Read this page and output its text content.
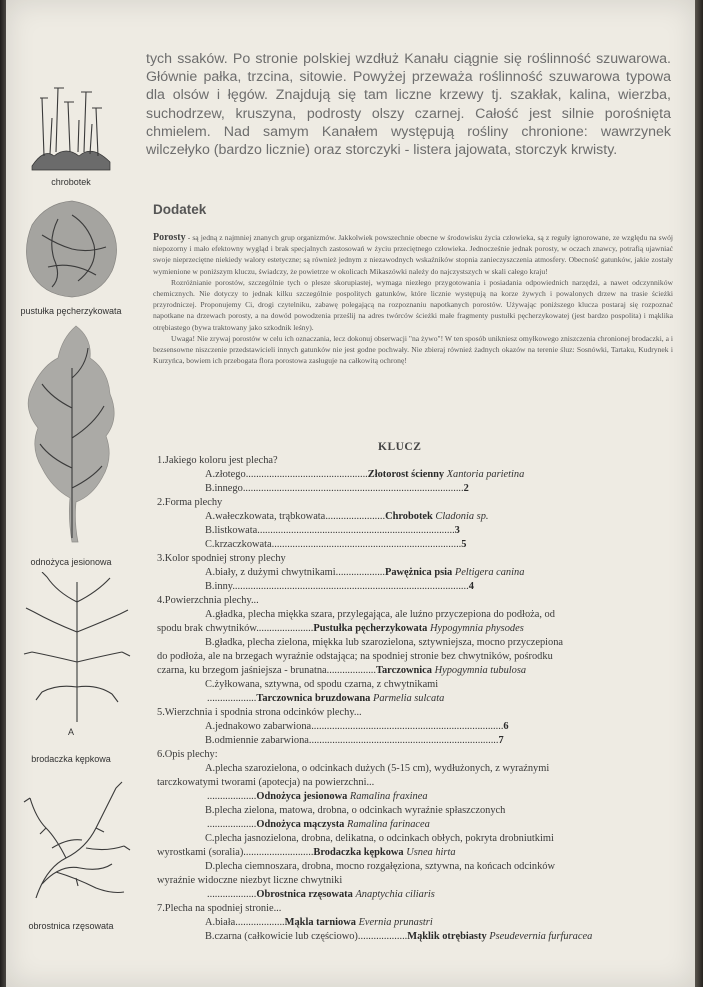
chrobotek
pustułka pęcherzykowata
odnożyca jesionowa
A
brodaczka kępkowa
obrostnica rzęsowata

tych ssaków. Po stronie polskiej wzdłuż Kanału ciągnie się roślinność szuwarowa. Głównie pałka, trzcina, sitowie. Powyżej przeważa roślinność szuwarowa typowa dla olsów i łęgów. Znajdują się tam liczne krzewy tj. szakłak, kalina, wierzba, suchodrzew, kruszyna, podrosty olszy czarnej. Całość jest silnie porośnięta chmielem. Nad samym Kanałem występują rośliny chronione: wawrzynek wilczełyko (bardzo licznie) oraz storczyki - listera jajowata, storczyk krwisty.

Dodatek

Porosty - są jedną z najmniej znanych grup organizmów. Jakkolwiek powszechnie obecne w środowisku życia człowieka, są z reguły ignorowane, ze względu na swój niepozorny i mało efektowny wygląd i brak specjalnych zastosowań w życiu przeciętnego człowieka. Jednocześnie jednak porosty, w oczach znawcy, potrafią ujawniać swoje nieprzeciętne niekiedy walory estetyczne; są również jednym z niezawodnych wskaźników stopnia zanieczyszczenia atmosfery. Obecność gatunków, jakie zostały wymienione w poniższym kluczu, świadczy, że powietrze w okolicach Mikaszówki należy do najczystszych w skali całego kraju!

Rozróżnianie porostów, szczególnie tych o plesze skorupiastej, wymaga niezłego przygotowania i posiadania odpowiednich narzędzi, a nawet odczynników chemicznych. Nie dotyczy to jednak kilku szczególnie pospolitych gatunków, które licznie występują na korze żywych i powalonych drzew na trasie ścieżki przyrodniczej. Proponujemy Ci, drogi czytelniku, zabawę polegającą na rozpoznaniu napotkanych porostów. Używając poniższego klucza postaraj się rozpoznać napotkane na drzewach porosty, a na dowód powodzenia prześlij na adres twórców ścieżki małe fragmenty pustułki pęcherzykowatej (jest bardzo pospolita) i mąklika otrębiastego (bywa traktowany jako szkodnik leśny).

Uwaga! Nie zrywaj porostów w celu ich oznaczania, lecz dokonuj obserwacji "na żywo"! W ten sposób unikniesz omyłkowego zniszczenia chronionej brodaczki, a i bezsensowne niszczenie przedstawicieli innych gatunków nie jest godne pochwały. Nie zbieraj również żadnych okazów na terenie śluz: Sosnówki, Tartaku, Kudrynek i Kurzyńca, bowiem ich przebogata flora porostowa zasługuje na całkowitą ochronę!

KLUCZ
1.Jakiego koloru jest plecha?
A.złotego...............................................Złotorost ścienny Xantoria parietina
B.innego.....................................................................................2
2.Forma plechy
A.wałeczkowata, trąbkowata.......................Chrobotek Cladonia sp.
B.listkowata............................................................................3
C.krzaczkowata.........................................................................5
3.Kolor spodniej strony plechy
A.biały, z dużymi chwytnikami...................Pawężnica psia Peltigera canina
B.inny...........................................................................................4
4.Powierzchnia plechy...
A.gładka, plecha miękka szara, przylegająca, ale luźno przyczepiona do podłoża, od
spodu brak chwytników......................Pustułka pęcherzykowata Hypogymnia physodes
B.gładka, plecha zielona, miękka lub szarozielona, sztywniejsza, mocno przyczepiona
do podłoża, ale na brzegach wyraźnie odstająca; na spodniej stronie bez chwytników, pośrodku
czarna, ku brzegom jaśniejsza - brunatna...................Tarczownica Hypogymnia tubulosa
C.żyłkowana, sztywna, od spodu czarna, z chwytnikami
...................Tarczownica bruzdowana Parmelia sulcata
5.Wierzchnia i spodnia strona odcinków plechy...
A.jednakowo zabarwiona..........................................................................6
B.odmiennie zabarwiona.........................................................................7
6.Opis plechy:
A.plecha szarozielona, o odcinkach dużych (5-15 cm), wydłużonych, z wyraźnymi
tarczkowatymi tworami (apotecja) na powierzchni...
...................Odnożyca jesionowa Ramalina fraxinea
B.plecha zielona, matowa, drobna, o odcinkach wyraźnie spłaszczonych
...................Odnożyca mączysta Ramalina farinacea
C.plecha jasnozielona, drobna, delikatna, o odcinkach obłych, pokryta drobniutkimi
wyrostkami (soralia)...........................Brodaczka kępkowa Usnea hirta
D.plecha ciemnoszara, drobna, mocno rozgałęziona, sztywna, na końcach odcinków
wyraźnie widoczne niezbyt liczne chwytniki
...................Obrostnica rzęsowata Anaptychia ciliaris
7.Plecha na spodniej stronie...
A.biała...................Mąkla tarniowa Evernia prunastri
B.czarna (całkowicie lub częściowo)...................Mąklik otrębiasty Pseudevernia furfuracea
